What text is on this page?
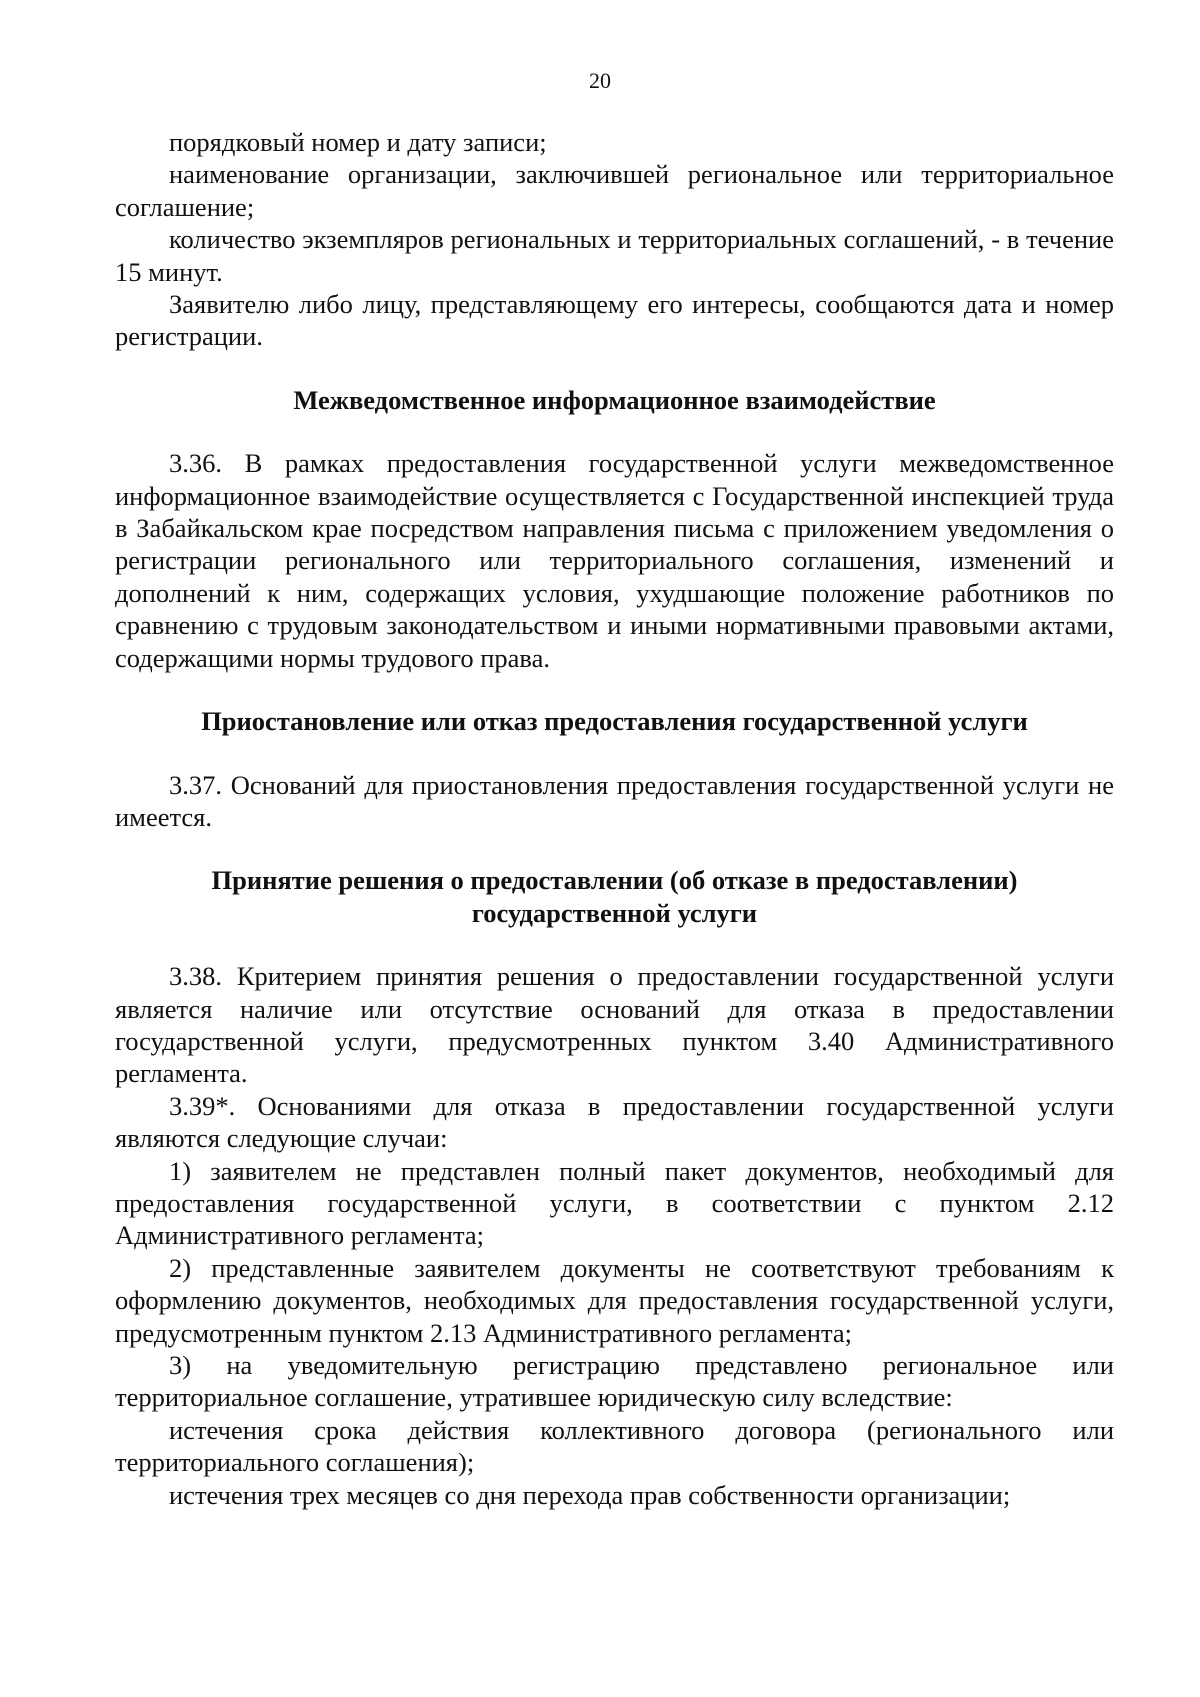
20

порядковый номер и дату записи;

наименование организации, заключившей региональное или территориальное соглашение;

количество экземпляров региональных и территориальных соглашений, - в течение 15 минут.

Заявителю либо лицу, представляющему его интересы, сообщаются дата и номер регистрации.

Межведомственное информационное взаимодействие

3.36. В рамках предоставления государственной услуги межведомственное информационное взаимодействие осуществляется с Государственной инспекцией труда в Забайкальском крае посредством направления письма с приложением уведомления о регистрации регионального или территориального соглашения, изменений и дополнений к ним, содержащих условия, ухудшающие положение работников по сравнению с трудовым законодательством и иными нормативными правовыми актами, содержащими нормы трудового права.

Приостановление или отказ предоставления государственной услуги

3.37. Оснований для приостановления предоставления государственной услуги не имеется.

Принятие решения о предоставлении (об отказе в предоставлении)
государственной услуги

3.38. Критерием принятия решения о предоставлении государственной услуги является наличие или отсутствие оснований для отказа в предоставлении государственной услуги, предусмотренных пунктом 3.40 Административного регламента.

3.39*. Основаниями для отказа в предоставлении государственной услуги являются следующие случаи:

1) заявителем не представлен полный пакет документов, необходимый для предоставления государственной услуги, в соответствии с пунктом 2.12 Административного регламента;

2) представленные заявителем документы не соответствуют требованиям к оформлению документов, необходимых для предоставления государственной услуги, предусмотренным пунктом 2.13 Административного регламента;

3) на уведомительную регистрацию представлено региональное или территориальное соглашение, утратившее юридическую силу вследствие:

истечения срока действия коллективного договора (регионального или территориального соглашения);

истечения трех месяцев со дня перехода прав собственности организации;
